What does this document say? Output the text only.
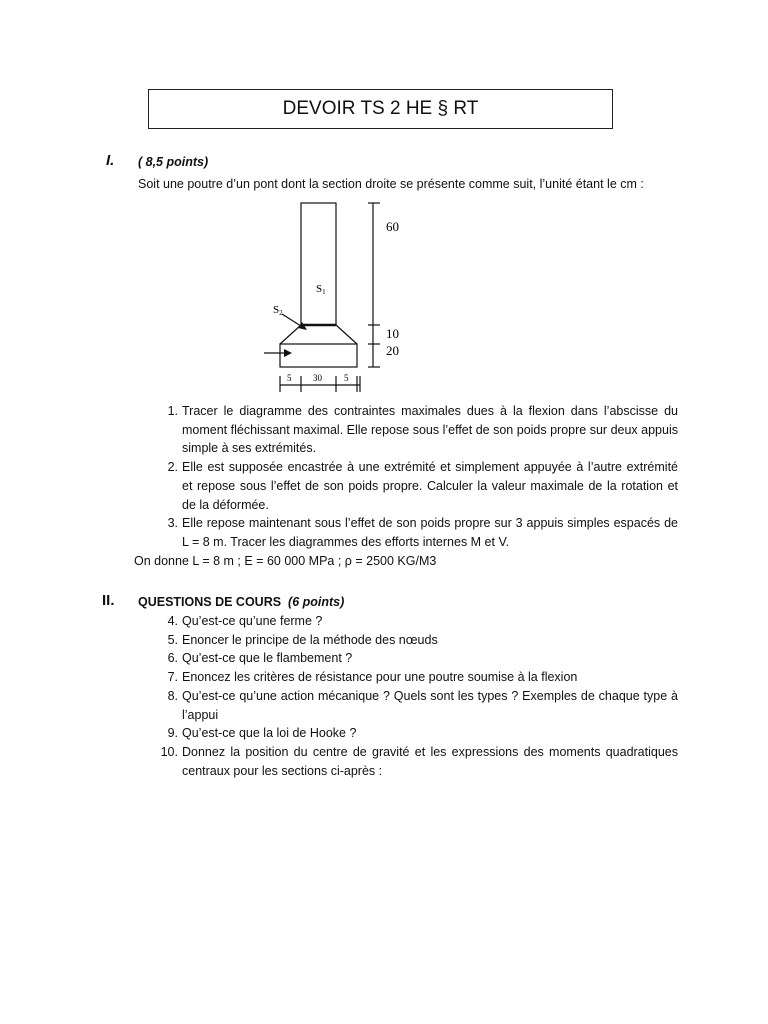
DEVOIR TS 2 HE § RT
I. ( 8,5 points)
Soit une poutre d’un pont dont la section droite se présente comme suit, l’unité étant le cm :
S1
S2
60
10
20
5 30 5
1. Tracer le diagramme des contraintes maximales dues à la flexion dans l’abscisse du moment fléchissant maximal. Elle repose sous l’effet de son poids propre sur deux appuis simple à ses extrémités.
2. Elle est supposée encastrée à une extrémité et simplement appuyée à l’autre extrémité et repose sous l’effet de son poids propre. Calculer la valeur maximale de la rotation et de la déformée.
3. Elle repose maintenant sous l’effet de son poids propre sur 3 appuis simples espacés de L = 8 m. Tracer les diagrammes des efforts internes M et V.
On donne L = 8 m ; E = 60 000 MPa ; ρ = 2500 KG/M3
II. QUESTIONS DE COURS (6 points)
4. Qu’est-ce qu’une ferme ?
5. Enoncer le principe de la méthode des nœuds
6. Qu’est-ce que le flambement ?
7. Enoncez les critères de résistance pour une poutre soumise à la flexion
8. Qu’est-ce qu’une action mécanique ? Quels sont les types ? Exemples de chaque type à l’appui
9. Qu’est-ce que la loi de Hooke ?
10. Donnez la position du centre de gravité et les expressions des moments quadratiques centraux pour les sections ci-après :
